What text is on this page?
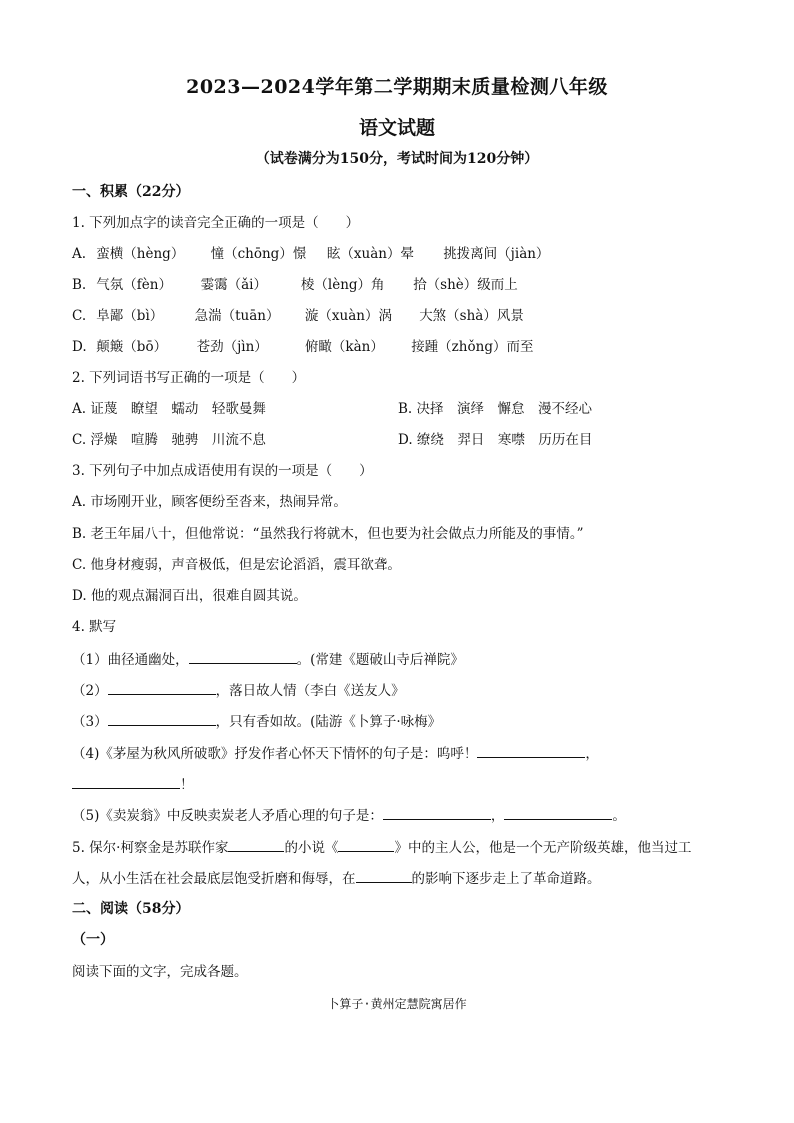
2023—2024学年第二学期期末质量检测八年级
语文试题
（试卷满分为150分，考试时间为120分钟）
一、积累（22分）
1. 下列加点字的读音完全正确的一项是（　　）
A. 蛮横（hèng） 憧（chōng）憬 眩（xuàn）晕 挑拨离间（jiàn）
B. 气氛（fèn） 霎霭（ǎi）	棱（lèng）角 拾（shè）级而上
C. 阜鄙（bì） 急湍（tuān） 漩（xuàn）涡 大煞（shà）风景
D. 颠簸（bō） 苍劲（jìn）	俯瞰（kàn） 接踵（zhǒng）而至
2. 下列词语书写正确的一项是（　　）
A. 证蔑　瞭望　蠕动　轻歌曼舞	B. 决择　演绎　懈怠　漫不经心
C. 浮燥　喧腾　驰骋　川流不息	D. 缭绕　羿日　寒噤　历历在目
3. 下列句子中加点成语使用有误的一项是（　　）
A. 市场刚开业，顾客便纷至沓来，热闹异常。
B. 老王年届八十，但他常说：“虽然我行将就木，但也要为社会做点力所能及的事情。”
C. 他身材瘦弱，声音极低，但是宏论滔滔，震耳欲聋。
D. 他的观点漏洞百出，很难自圆其说。
4. 默写
（1）曲径通幽处，	。(常建《题破山寺后禅院》
（2）	，落日故人情（李白《送友人》
（3）	，只有香如故。(陆游《卜算子·咏梅》
（4)《茅屋为秋风所破歌》抒发作者心怀天下情怀的句子是：呜呼！	，
！
（5)《卖炭翁》中反映卖炭老人矛盾心理的句子是：	，	。
5. 保尔·柯察金是苏联作家	的小说《	》中的主人公，他是一个无产阶级英雄，他当过工
人，从小生活在社会最底层饱受折磨和侮辱，在	的影响下逐步走上了革命道路。
二、阅读（58分）
（一）
阅读下面的文字，完成各题。
卜算子·黄州定慧院寓居作
